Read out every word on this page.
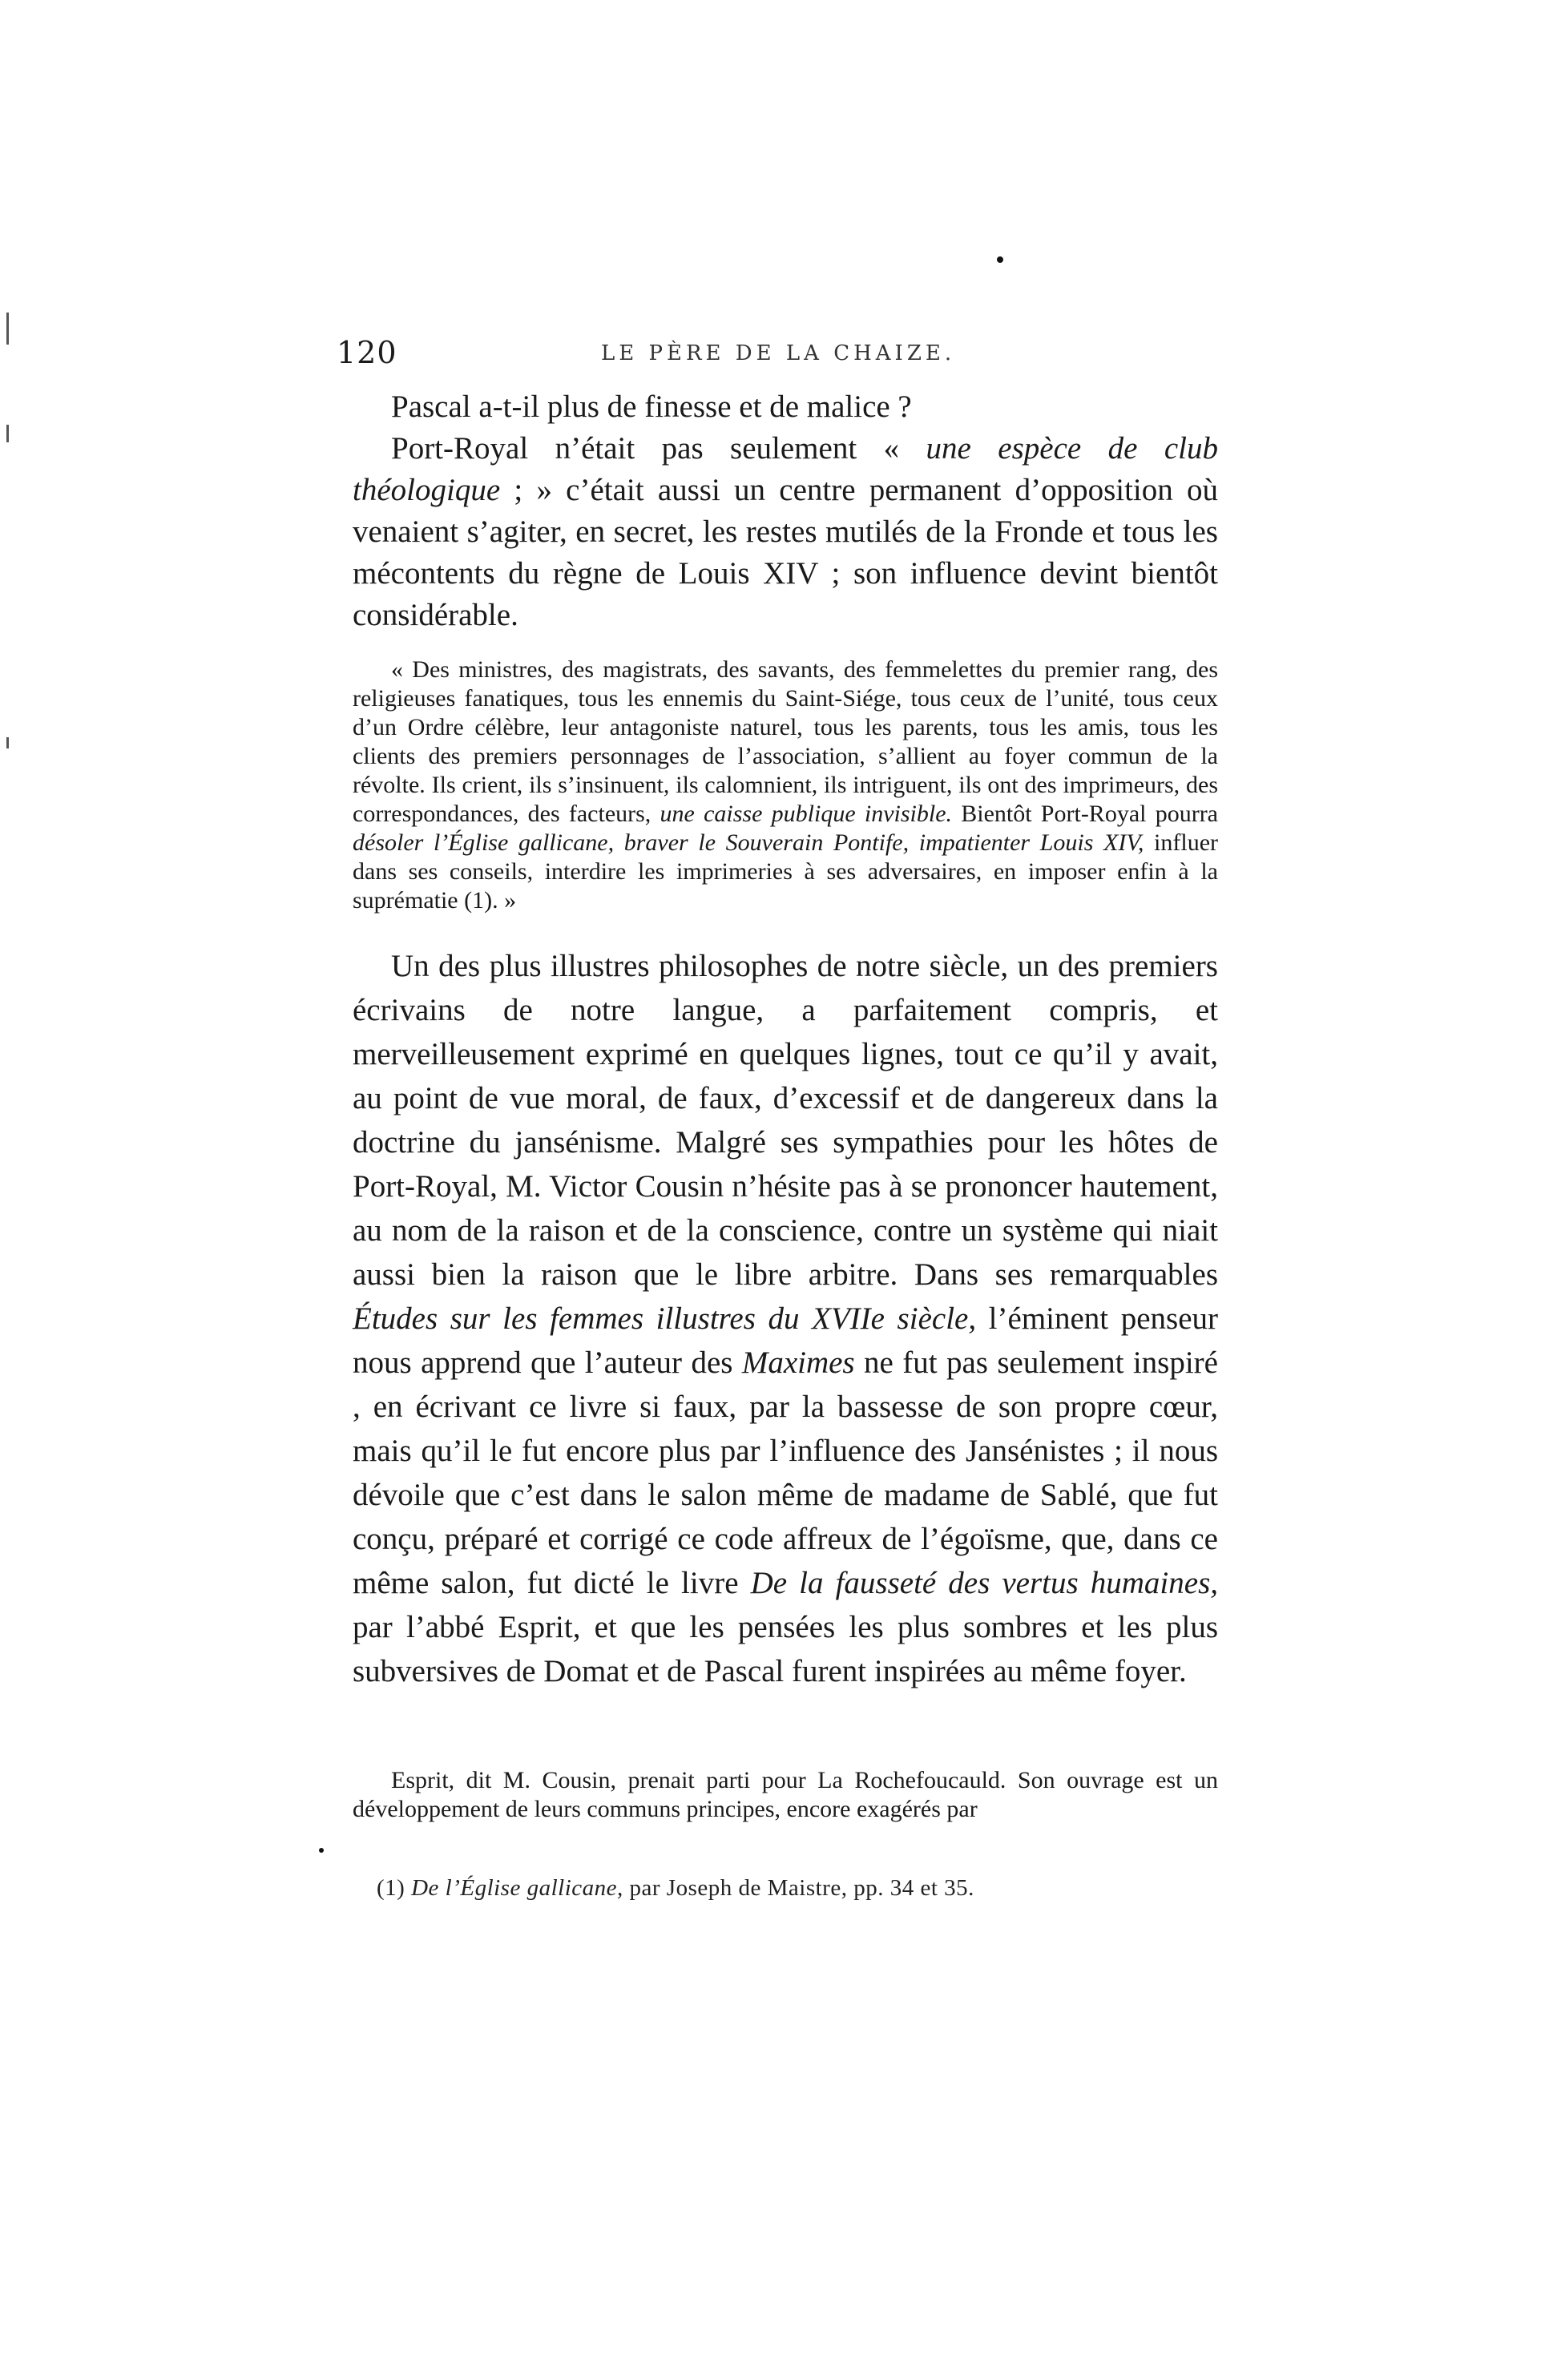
120	LE PÈRE DE LA CHAIZE.

Pascal a-t-il plus de finesse et de malice ?

Port-Royal n’était pas seulement « une espèce de club théologique ; » c’était aussi un centre permanent d’opposition où venaient s’agiter, en secret, les restes mutilés de la Fronde et tous les mécontents du règne de Louis XIV ; son influence devint bientôt considérable.

« Des ministres, des magistrats, des savants, des femmelettes du premier rang, des religieuses fanatiques, tous les ennemis du Saint-Siége, tous ceux de l’unité, tous ceux d’un Ordre célèbre, leur antagoniste naturel, tous les parents, tous les amis, tous les clients des premiers personnages de l’association, s’allient au foyer commun de la révolte. Ils crient, ils s’insinuent, ils calomnient, ils intriguent, ils ont des imprimeurs, des correspondances, des facteurs, une caisse publique invisible. Bientôt Port-Royal pourra désoler l’Église gallicane, braver le Souverain Pontife, impatienter Louis XIV, influer dans ses conseils, interdire les imprimeries à ses adversaires, en imposer enfin à la suprématie (1). »

Un des plus illustres philosophes de notre siècle, un des premiers écrivains de notre langue, a parfaitement compris, et merveilleusement exprimé en quelques lignes, tout ce qu’il y avait, au point de vue moral, de faux, d’excessif et de dangereux dans la doctrine du jansénisme. Malgré ses sympathies pour les hôtes de Port-Royal, M. Victor Cousin n’hésite pas à se prononcer hautement, au nom de la raison et de la conscience, contre un système qui niait aussi bien la raison que le libre arbitre. Dans ses remarquables Études sur les femmes illustres du XVIIe siècle, l’éminent penseur nous apprend que l’auteur des Maximes ne fut pas seulement inspiré , en écrivant ce livre si faux, par la bassesse de son propre cœur, mais qu’il le fut encore plus par l’influence des Jansénistes ; il nous dévoile que c’est dans le salon même de madame de Sablé, que fut conçu, préparé et corrigé ce code affreux de l’égoïsme, que, dans ce même salon, fut dicté le livre De la fausseté des vertus humaines, par l’abbé Esprit, et que les pensées les plus sombres et les plus subversives de Domat et de Pascal furent inspirées au même foyer.

Esprit, dit M. Cousin, prenait parti pour La Rochefoucauld. Son ouvrage est un développement de leurs communs principes, encore exagérés par

(1) De l’Église gallicane, par Joseph de Maistre, pp. 34 et 35.
